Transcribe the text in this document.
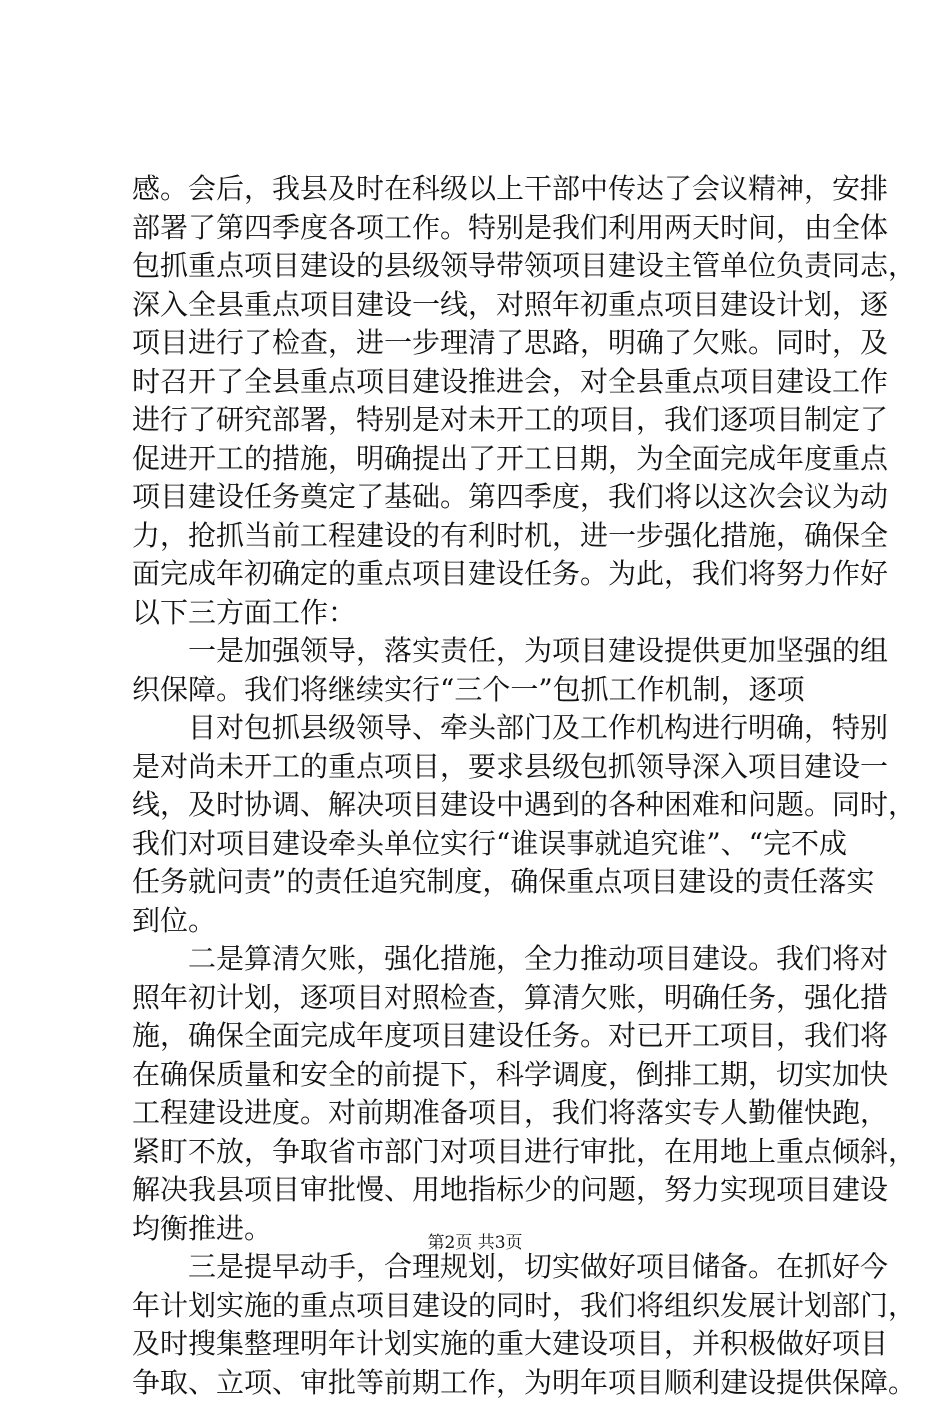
感。会后，我县及时在科级以上干部中传达了会议精神，安排
部署了第四季度各项工作。特别是我们利用两天时间，由全体
包抓重点项目建设的县级领导带领项目建设主管单位负责同志，
深入全县重点项目建设一线，对照年初重点项目建设计划，逐
项目进行了检查，进一步理清了思路，明确了欠账。同时，及
时召开了全县重点项目建设推进会，对全县重点项目建设工作
进行了研究部署，特别是对未开工的项目，我们逐项目制定了
促进开工的措施，明确提出了开工日期，为全面完成年度重点
项目建设任务奠定了基础。第四季度，我们将以这次会议为动
力，抢抓当前工程建设的有利时机，进一步强化措施，确保全
面完成年初确定的重点项目建设任务。为此，我们将努力作好
以下三方面工作：
一是加强领导，落实责任，为项目建设提供更加坚强的组
织保障。我们将继续实行“三个一”包抓工作机制，逐项
目对包抓县级领导、牵头部门及工作机构进行明确，特别
是对尚未开工的重点项目，要求县级包抓领导深入项目建设一
线，及时协调、解决项目建设中遇到的各种困难和问题。同时，
我们对项目建设牵头单位实行“谁误事就追究谁”、“完不成
任务就问责”的责任追究制度，确保重点项目建设的责任落实
到位。
二是算清欠账，强化措施，全力推动项目建设。我们将对
照年初计划，逐项目对照检查，算清欠账，明确任务，强化措
施，确保全面完成年度项目建设任务。对已开工项目，我们将
在确保质量和安全的前提下，科学调度，倒排工期，切实加快
工程建设进度。对前期准备项目，我们将落实专人勤催快跑，
紧盯不放，争取省市部门对项目进行审批，在用地上重点倾斜，
解决我县项目审批慢、用地指标少的问题，努力实现项目建设
均衡推进。
三是提早动手，合理规划，切实做好项目储备。在抓好今
年计划实施的重点项目建设的同时，我们将组织发展计划部门，
及时搜集整理明年计划实施的重大建设项目，并积极做好项目
争取、立项、审批等前期工作，为明年项目顺利建设提供保障。
第2页 共3页
